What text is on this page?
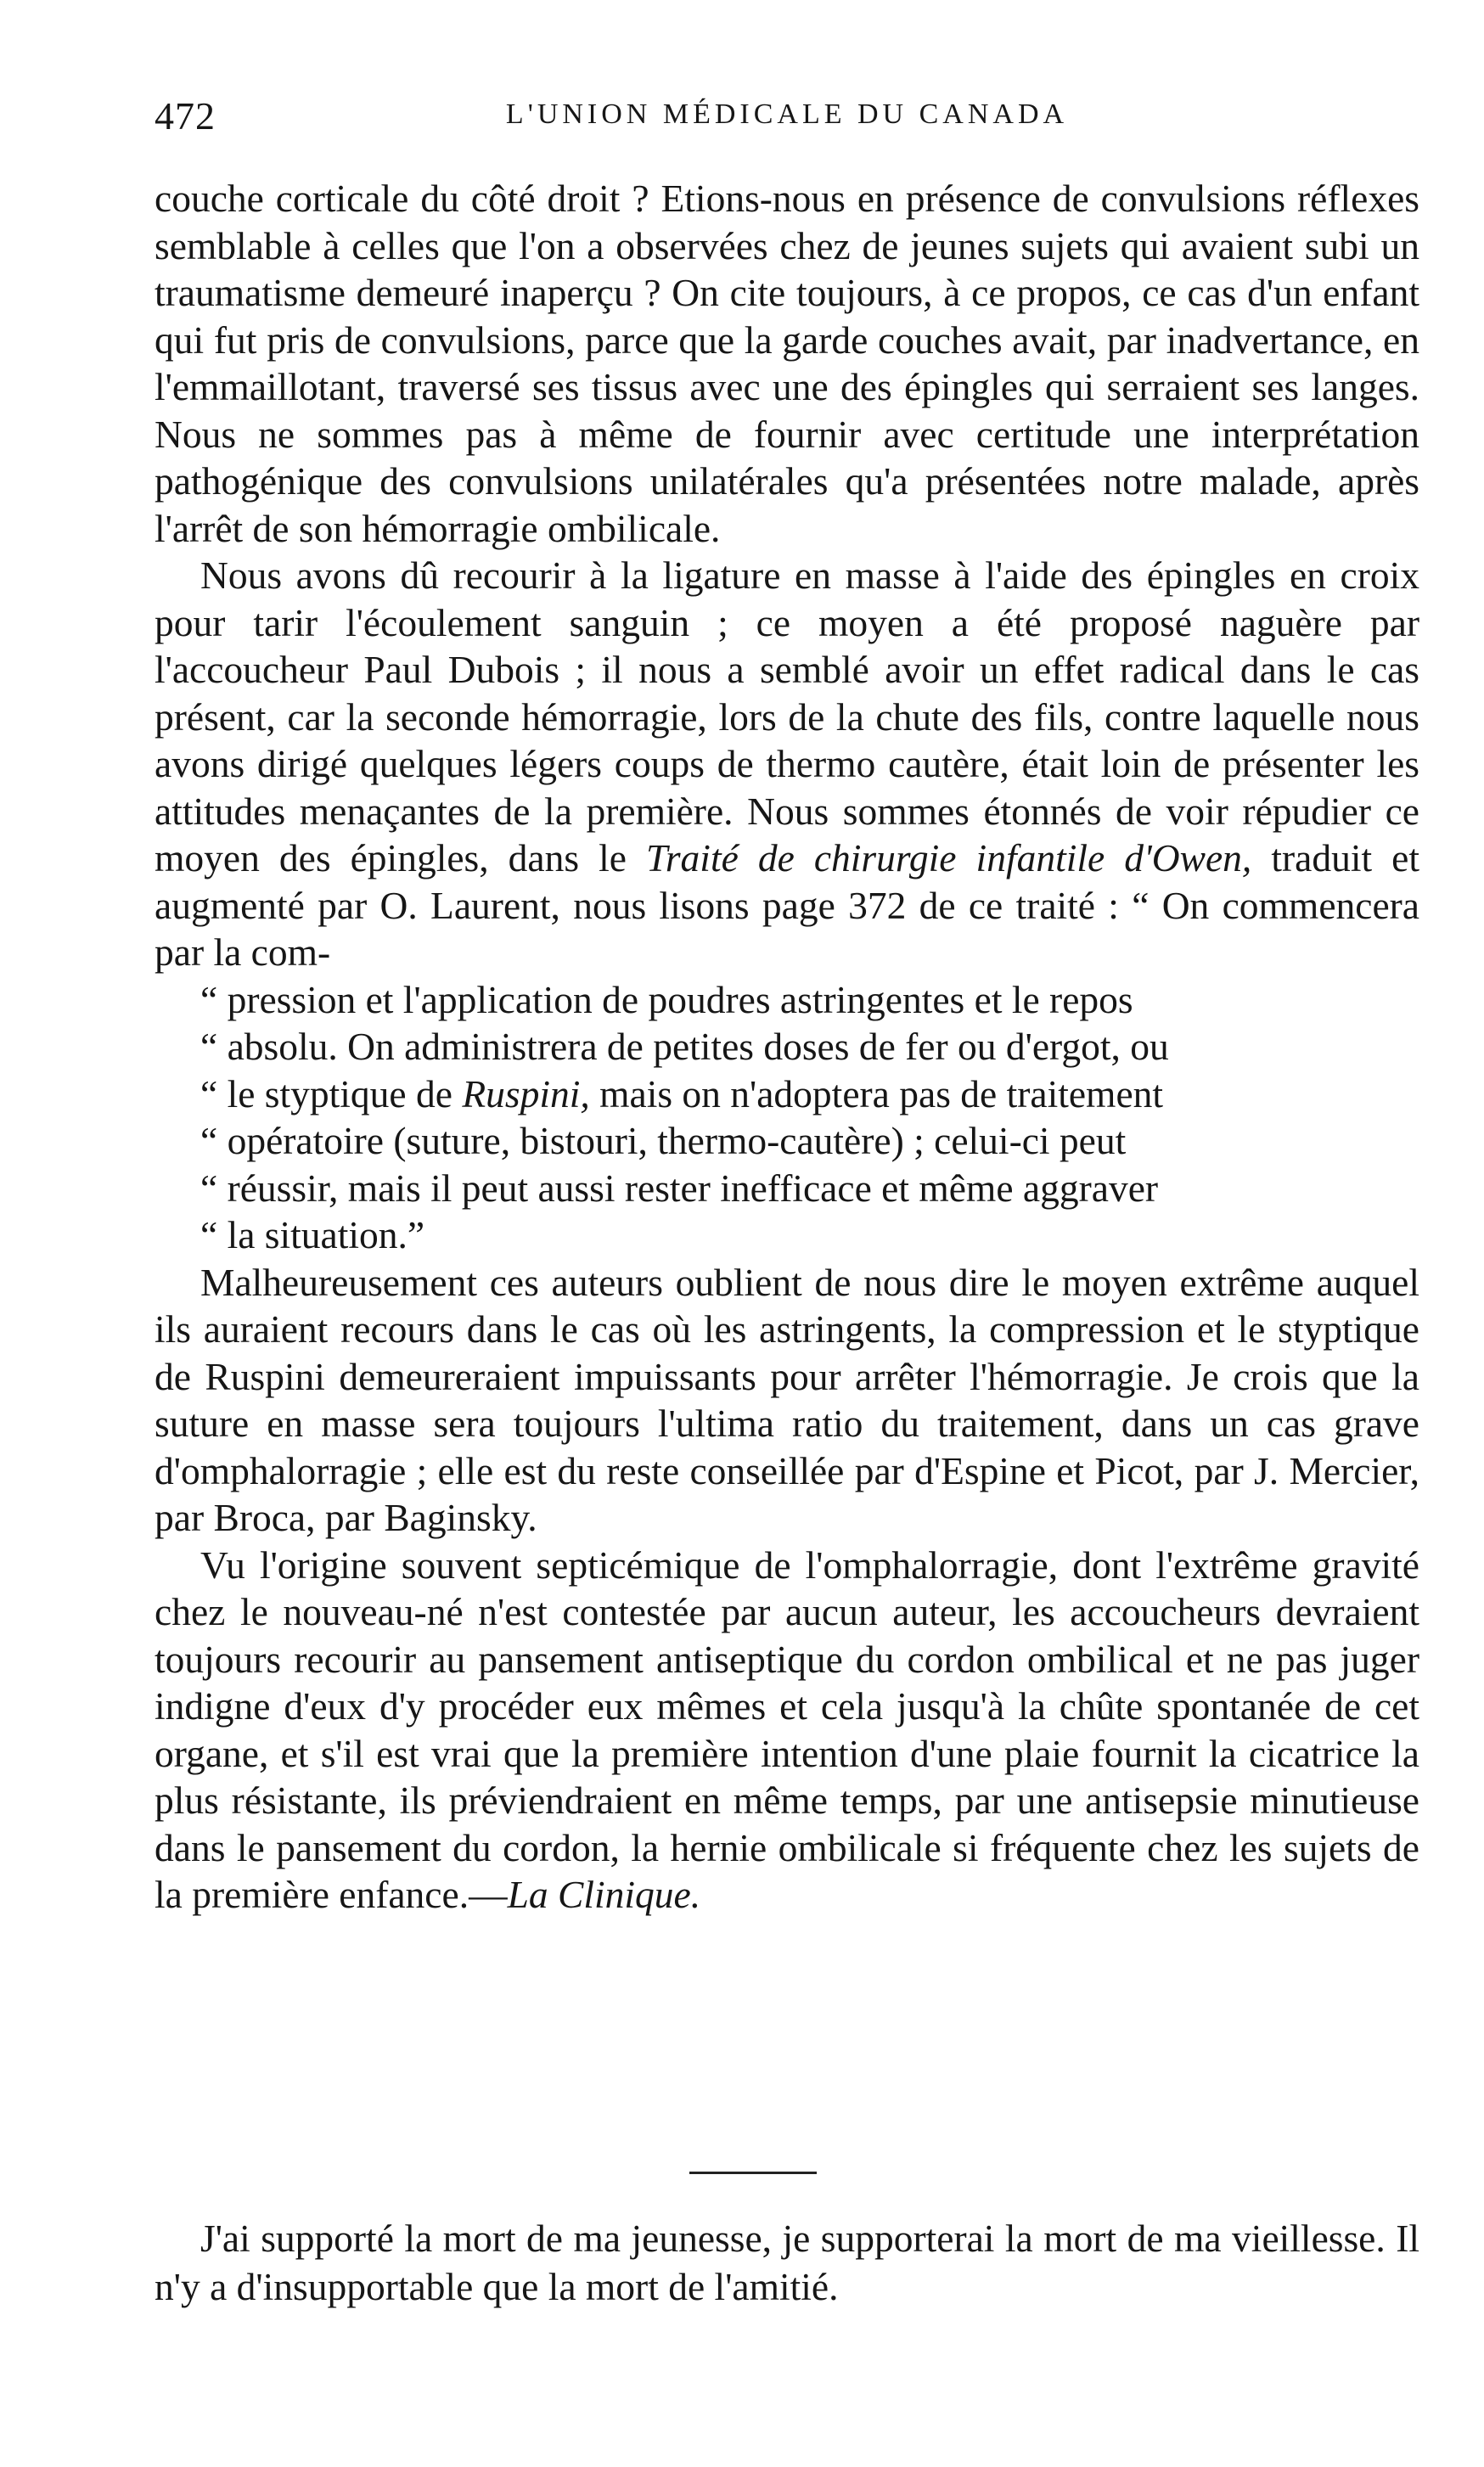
472	L'UNION MÉDICALE DU CANADA

couche corticale du côté droit ? Etions-nous en présence de convulsions réflexes semblable à celles que l'on a observées chez de jeunes sujets qui avaient subi un traumatisme demeuré inaperçu ? On cite toujours, à ce propos, ce cas d'un enfant qui fut pris de convulsions, parce que la garde couches avait, par inadvertance, en l'emmaillotant, traversé ses tissus avec une des épingles qui serraient ses langes. Nous ne sommes pas à même de fournir avec certitude une interprétation pathogénique des convulsions unilatérales qu'a présentées notre malade, après l'arrêt de son hémorragie ombilicale.

Nous avons dû recourir à la ligature en masse à l'aide des épingles en croix pour tarir l'écoulement sanguin ; ce moyen a été proposé naguère par l'accoucheur Paul Dubois ; il nous a semblé avoir un effet radical dans le cas présent, car la seconde hémorragie, lors de la chute des fils, contre laquelle nous avons dirigé quelques légers coups de thermo cautère, était loin de présenter les attitudes menaçantes de la première. Nous sommes étonnés de voir répudier ce moyen des épingles, dans le Traité de chirurgie infantile d'Owen, traduit et augmenté par O. Laurent, nous lisons page 372 de ce traité : “ On commencera par la com-
“ pression et l'application de poudres astringentes et le repos
“ absolu. On administrera de petites doses de fer ou d'ergot, ou
“ le styptique de Ruspini, mais on n'adoptera pas de traitement
“ opératoire (suture, bistouri, thermo-cautère) ; celui-ci peut
“ réussir, mais il peut aussi rester inefficace et même aggraver
“ la situation.”

Malheureusement ces auteurs oublient de nous dire le moyen extrême auquel ils auraient recours dans le cas où les astringents, la compression et le styptique de Ruspini demeureraient impuissants pour arrêter l'hémorragie. Je crois que la suture en masse sera toujours l'ultima ratio du traitement, dans un cas grave d'omphalorragie ; elle est du reste conseillée par d'Espine et Picot, par J. Mercier, par Broca, par Baginsky.

Vu l'origine souvent septicémique de l'omphalorragie, dont l'extrême gravité chez le nouveau-né n'est contestée par aucun auteur, les accoucheurs devraient toujours recourir au pansement antiseptique du cordon ombilical et ne pas juger indigne d'eux d'y procéder eux mêmes et cela jusqu'à la chûte spontanée de cet organe, et s'il est vrai que la première intention d'une plaie fournit la cicatrice la plus résistante, ils préviendraient en même temps, par une antisepsie minutieuse dans le pansement du cordon, la hernie ombilicale si fréquente chez les sujets de la première enfance.—La Clinique.

J'ai supporté la mort de ma jeunesse, je supporterai la mort de ma vieillesse. Il n'y a d'insupportable que la mort de l'amitié.
